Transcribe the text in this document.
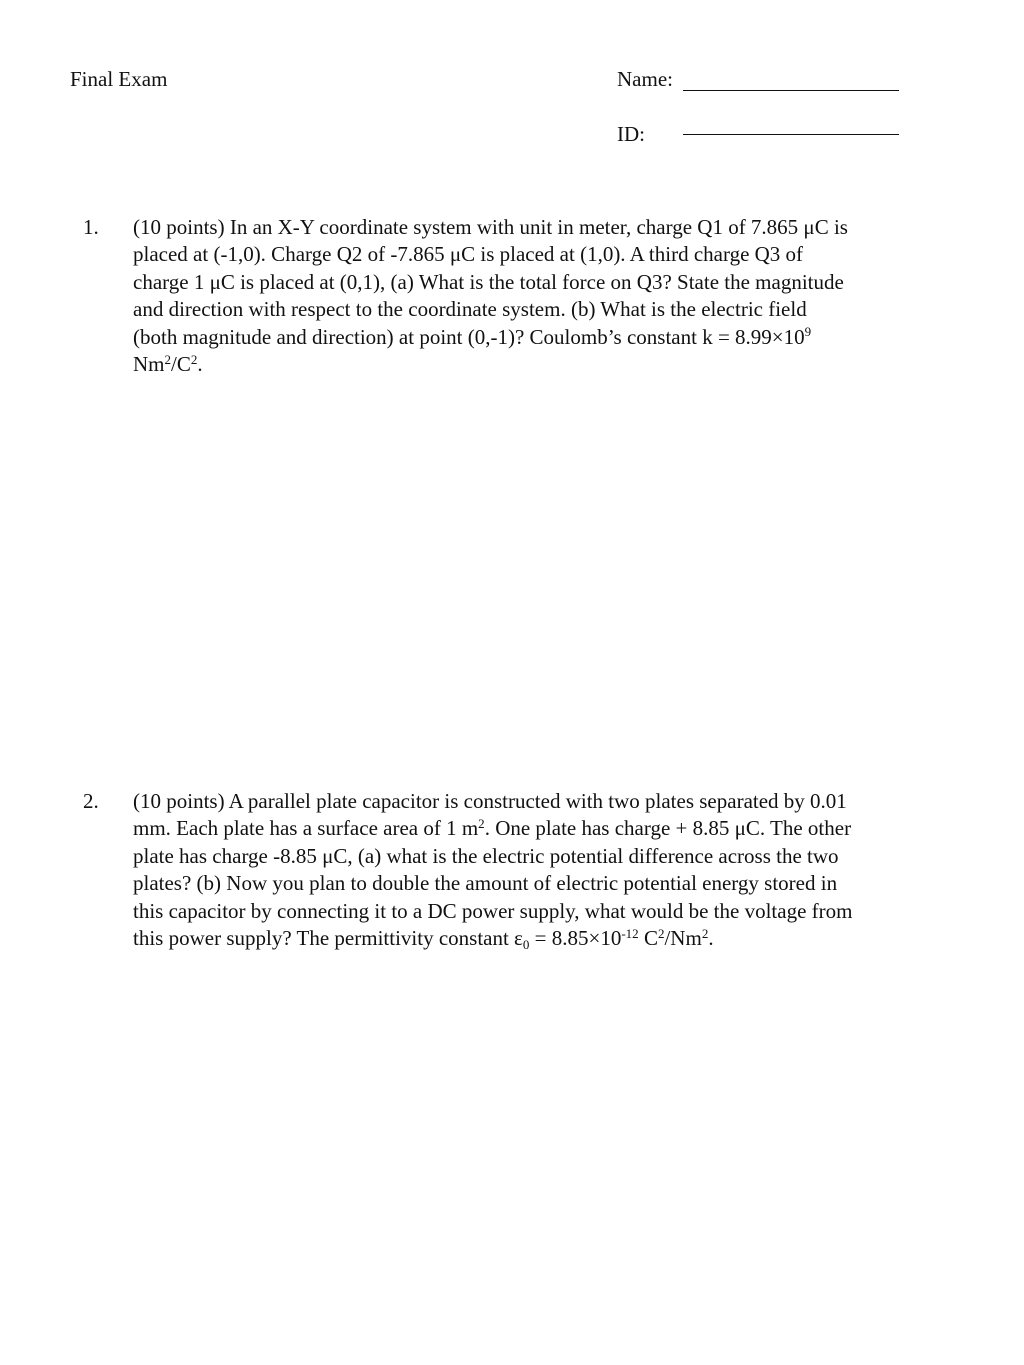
Final Exam	Name:
ID:
1. (10 points) In an X-Y coordinate system with unit in meter, charge Q1 of 7.865 μC is
placed at (-1,0). Charge Q2 of -7.865 μC is placed at (1,0). A third charge Q3 of
charge 1 μC is placed at (0,1), (a) What is the total force on Q3? State the magnitude
and direction with respect to the coordinate system. (b) What is the electric field
(both magnitude and direction) at point (0,-1)? Coulomb’s constant $k = 8.99\times 10^9$
$Nm^2/C^2$.
2. (10 points) A parallel plate capacitor is constructed with two plates separated by 0.01
mm. Each plate has a surface area of 1 $m^2$. One plate has charge + 8.85 μC. The other
plate has charge -8.85 μC, (a) what is the electric potential difference across the two
plates? (b) Now you plan to double the amount of electric potential energy stored in
this capacitor by connecting it to a DC power supply, what would be the voltage from
this power supply? The permittivity constant $\varepsilon_0 = 8.85\times 10^{-12}$ $C^2/Nm^2$.
